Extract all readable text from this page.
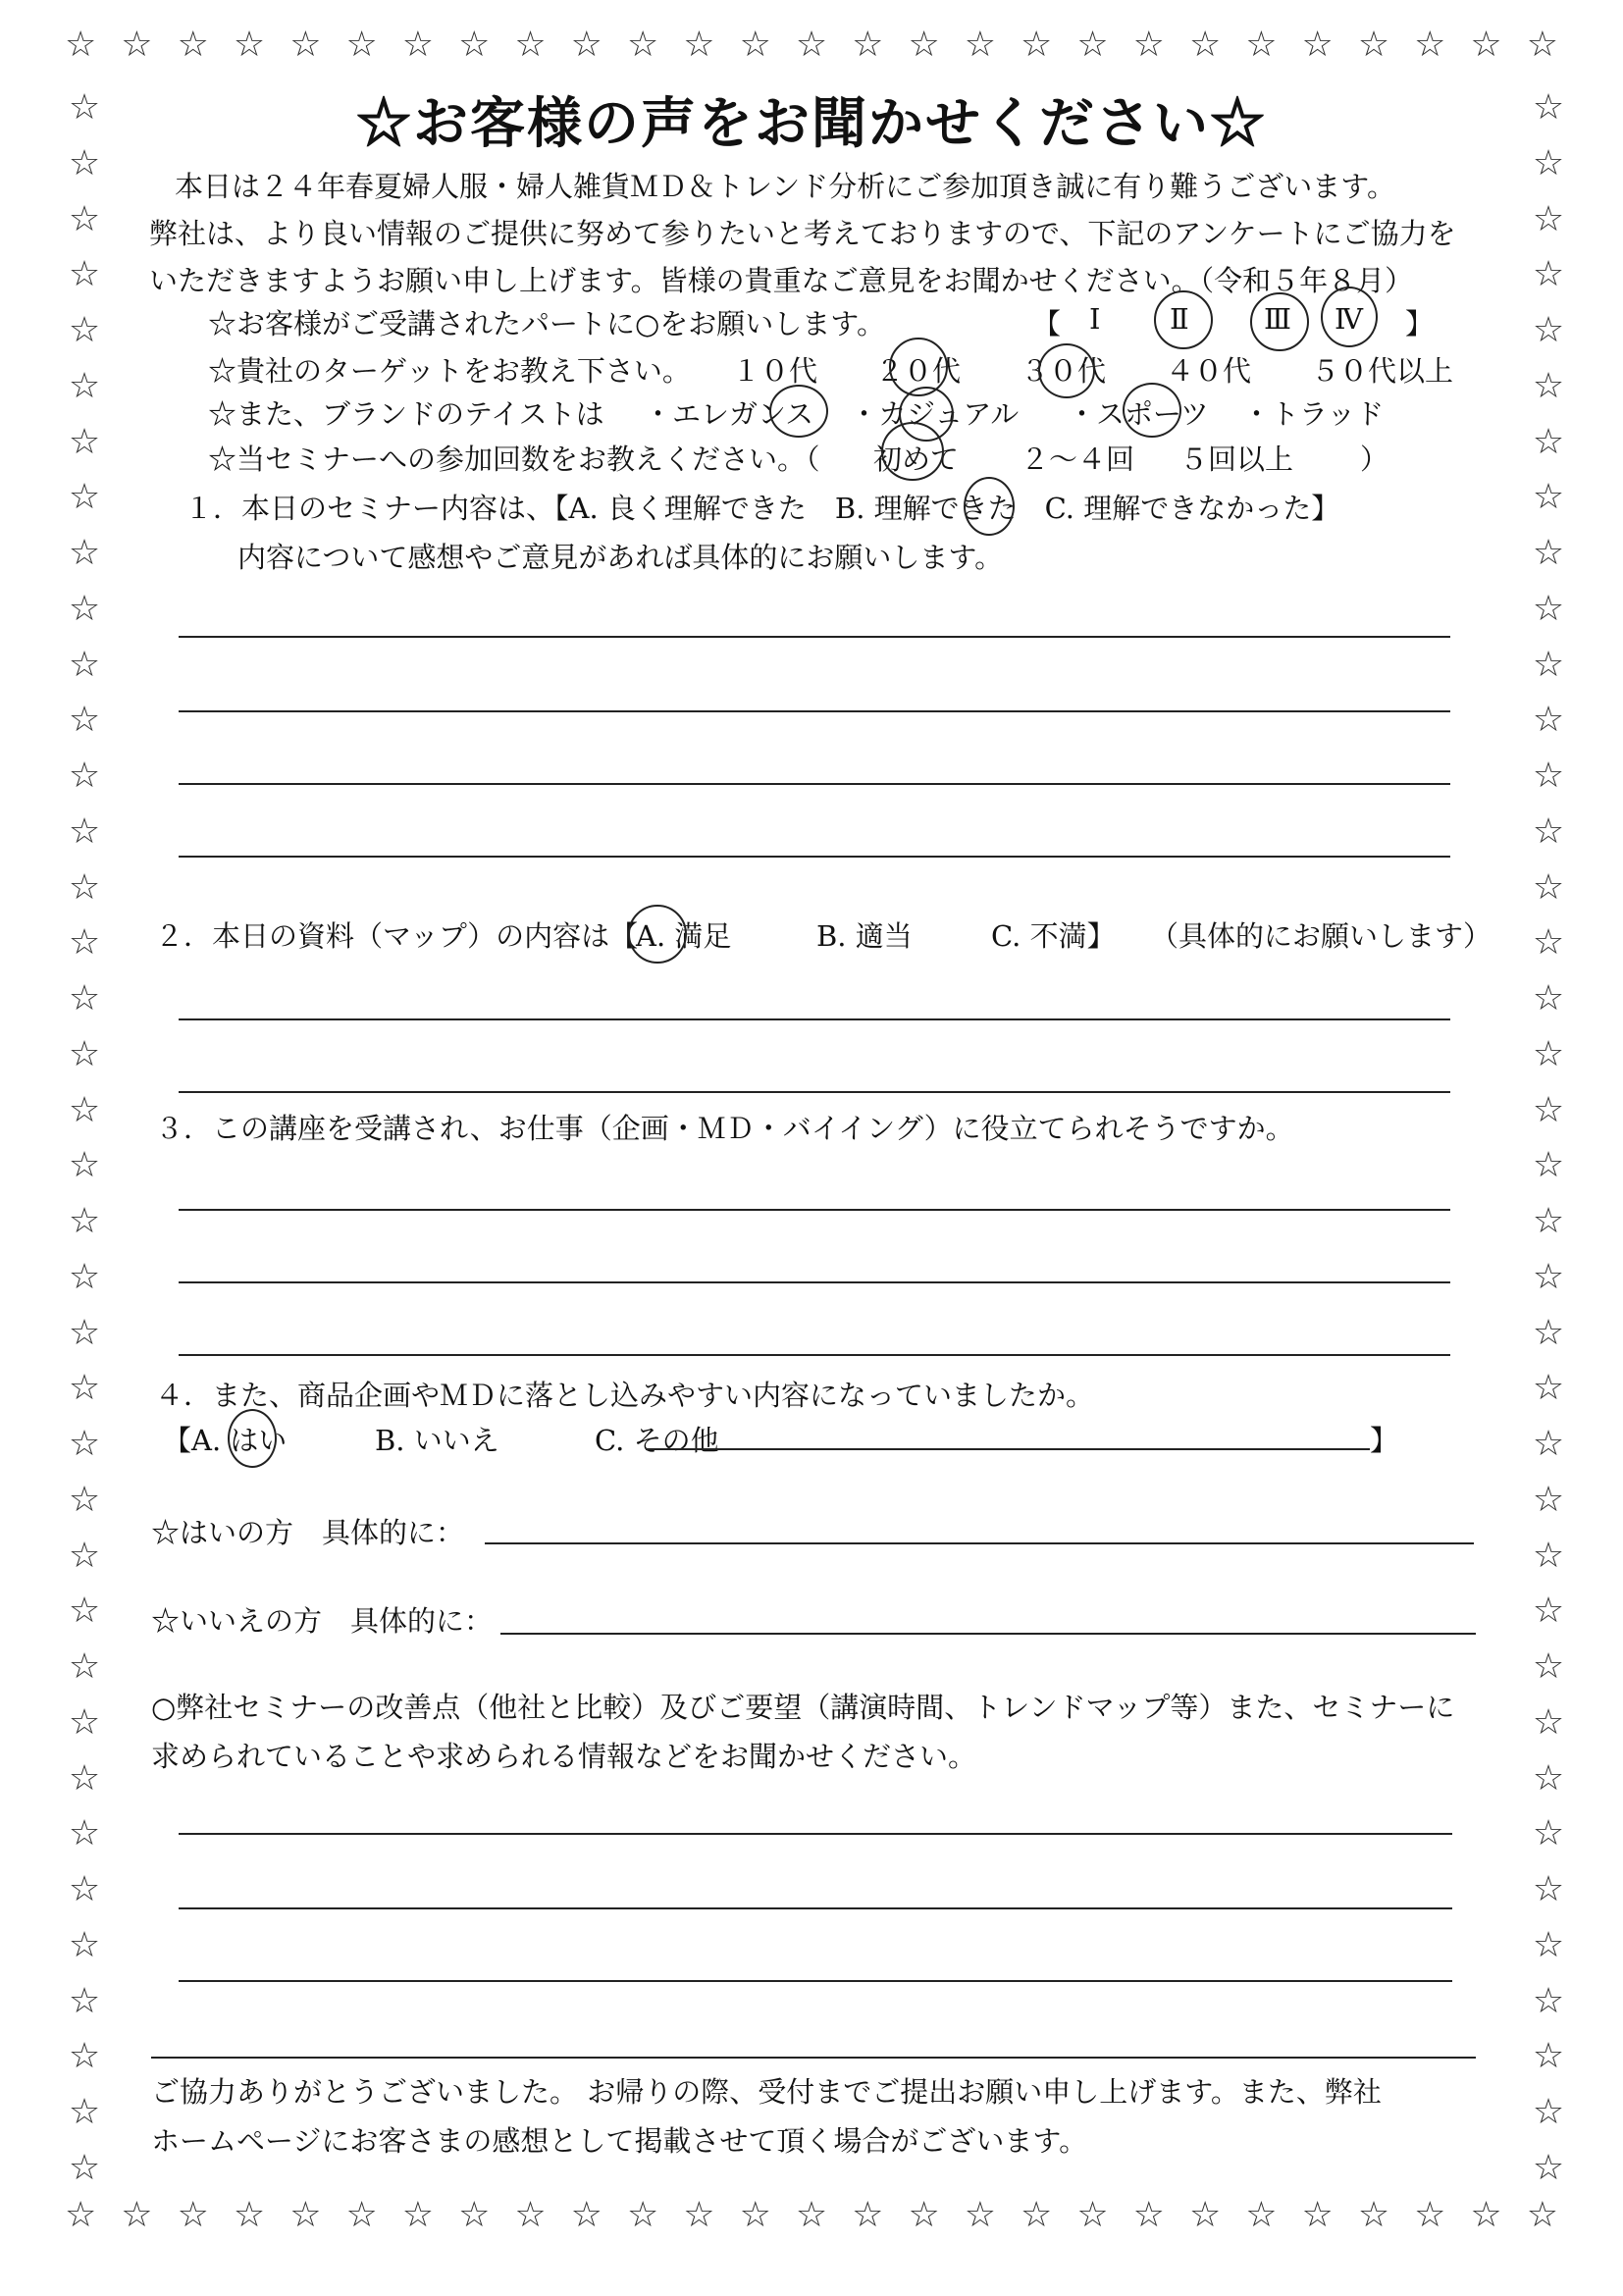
☆ ☆ ☆ ☆ ☆ ☆ ☆ ☆ ☆ ☆ ☆ ☆ ☆ ☆ ☆ ☆ ☆ ☆ ☆ ☆ ☆ ☆ ☆ ☆ ☆ ☆ ☆
☆ ☆ ☆ ☆ ☆ ☆ ☆ ☆ ☆ ☆ ☆ ☆ ☆ ☆ ☆ ☆ ☆ ☆ ☆ ☆ ☆ ☆ ☆ ☆ ☆ ☆ ☆
☆
☆
☆
☆
☆
☆
☆
☆
☆
☆
☆
☆
☆
☆
☆
☆
☆
☆
☆
☆
☆
☆
☆
☆
☆
☆
☆
☆
☆
☆
☆
☆
☆
☆
☆
☆
☆
☆
☆
☆
☆
☆
☆
☆
☆
☆
☆
☆
☆
☆
☆
☆
☆
☆
☆
☆
☆
☆
☆
☆
☆
☆
☆
☆
☆
☆
☆
☆
☆
☆
☆
☆
☆
☆
☆
☆
☆お客様の声をお聞かせください☆
本日は２４年春夏婦人服・婦人雑貨ＭＤ＆トレンド分析にご参加頂き誠に有り難うございます。
弊社は、より良い情報のご提供に努めて参りたいと考えておりますので、下記のアンケートにご協力を
いただきますようお願い申し上げます。皆様の貴重なご意見をお聞かせください。（令和５年８月）
☆お客様がご受講されたパートに○をお願いします。	【 Ⅰ Ⅱ	Ⅲ Ⅳ 】
☆貴社のターゲットをお教え下さい。 １０代 ２０代 ３０代 ４０代 ５０代以上
☆また、ブランドのテイストは ・エレガンス ・カジュアル ・スポーツ ・トラッド
☆当セミナーへの参加回数をお教えください。（ 初めて ２～４回 ５回以上 ）
１．本日のセミナー内容は、【A. 良く理解できた　B. 理解できた　C. 理解できなかった】
内容について感想やご意見があれば具体的にお願いします。
２．本日の資料（マップ）の内容は【
A. 満足	B. 適当	C. 不満】 （具体的にお願いします）
３．この講座を受講され、お仕事（企画・ＭＤ・バイイング）に役立てられそうですか。
４．また、商品企画やＭＤに落とし込みやすい内容になっていましたか。
【A. はい	B. いいえ	C. その他	】
☆はいの方　具体的に：
☆いいえの方　具体的に：
○弊社セミナーの改善点（他社と比較）及びご要望（講演時間、トレンドマップ等）また、セミナーに
求められていることや求められる情報などをお聞かせください。
ご協力ありがとうございました。 お帰りの際、受付までご提出お願い申し上げます。また、弊社
ホームページにお客さまの感想として掲載させて頂く場合がございます。
